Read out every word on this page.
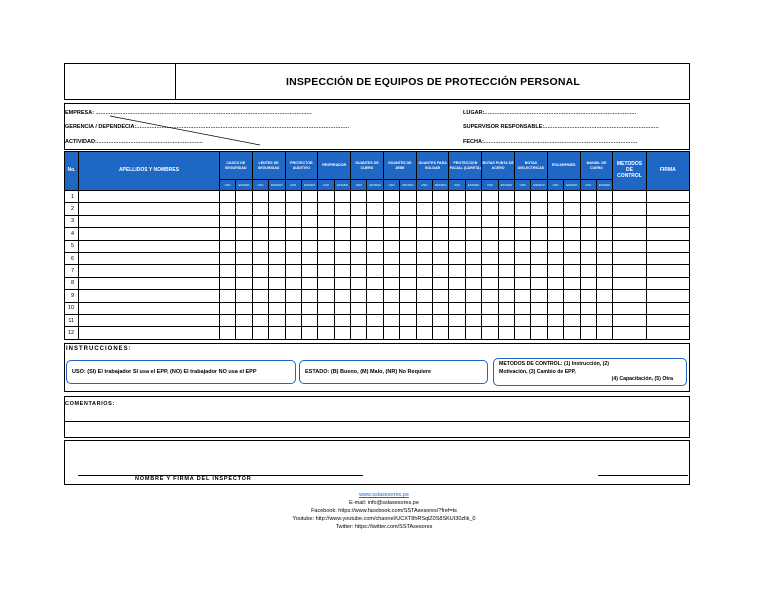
INSPECCIÓN DE EQUIPOS DE PROTECCIÓN PERSONAL
EMPRESA: ................................................................................................................................
GERENCIA / DEPENDECIA:..............................................................................................................................
ACTIVIDAD:...............................................................
LUGAR:..........................................................................................
SUPERVISOR RESPONSABLE:....................................................................
FECHA:...........................................................................................
No.	APELLIDOS Y NOMBRES	CASCO DE SEGURIDAD		LENTES DE SEGURIDAD		PROTECTOR AUDITIVO		RESPIRADOR		GUANTES DE CUERO		GUANTES DE JEBE		GUANTES PARA SOLDAR		PROTECCION FACIAL (CARETA)		BOTAS PUNTA DE ACERO		BOTAS DIELECTRICAS		ESCARPINES		MANDIL DE CUERO		METODOS DE CONTROL	FIRMA
		USO	ESTADO	USO	ESTADO	USO	ESTADO	USO	ESTADO	USO	ESTADO	USO	ESTADO	USO	ESTADO	USO	ESTADO	USO	ESTADO	USO	ESTADO	USO	ESTADO	USO	ESTADO		
1																											
2																											
3																											
4																											
5																											
6																											
7																											
8																											
9																											
10																											
11																											
12																											
INSTRUCCIONES:
USO: (SI) El trabajador SI usa el EPP, (NO) El trabajador NO usa el EPP	ESTADO: (B) Bueno, (M) Malo, (NR) No Requiere
METODOS DE CONTROL: (1) Instrucción, (2)
Motivación, (3) Cambio de EPP,
(4) Capacitación, (5) Otra
COMENTARIOS:
NOMBRE Y FIRMA DEL INSPECTOR
www.sslasesores.pe
E-mail: info@sslasesores.pe
Facebook: https://www.facebook.com/SSTAsesores/?fref=ts
Youtube: http://www.youtube.com/channel/UCXT8hRSqlZ0S8SKUI30zlik_0
Twitter: https://twitter.com/SSTAsesores
